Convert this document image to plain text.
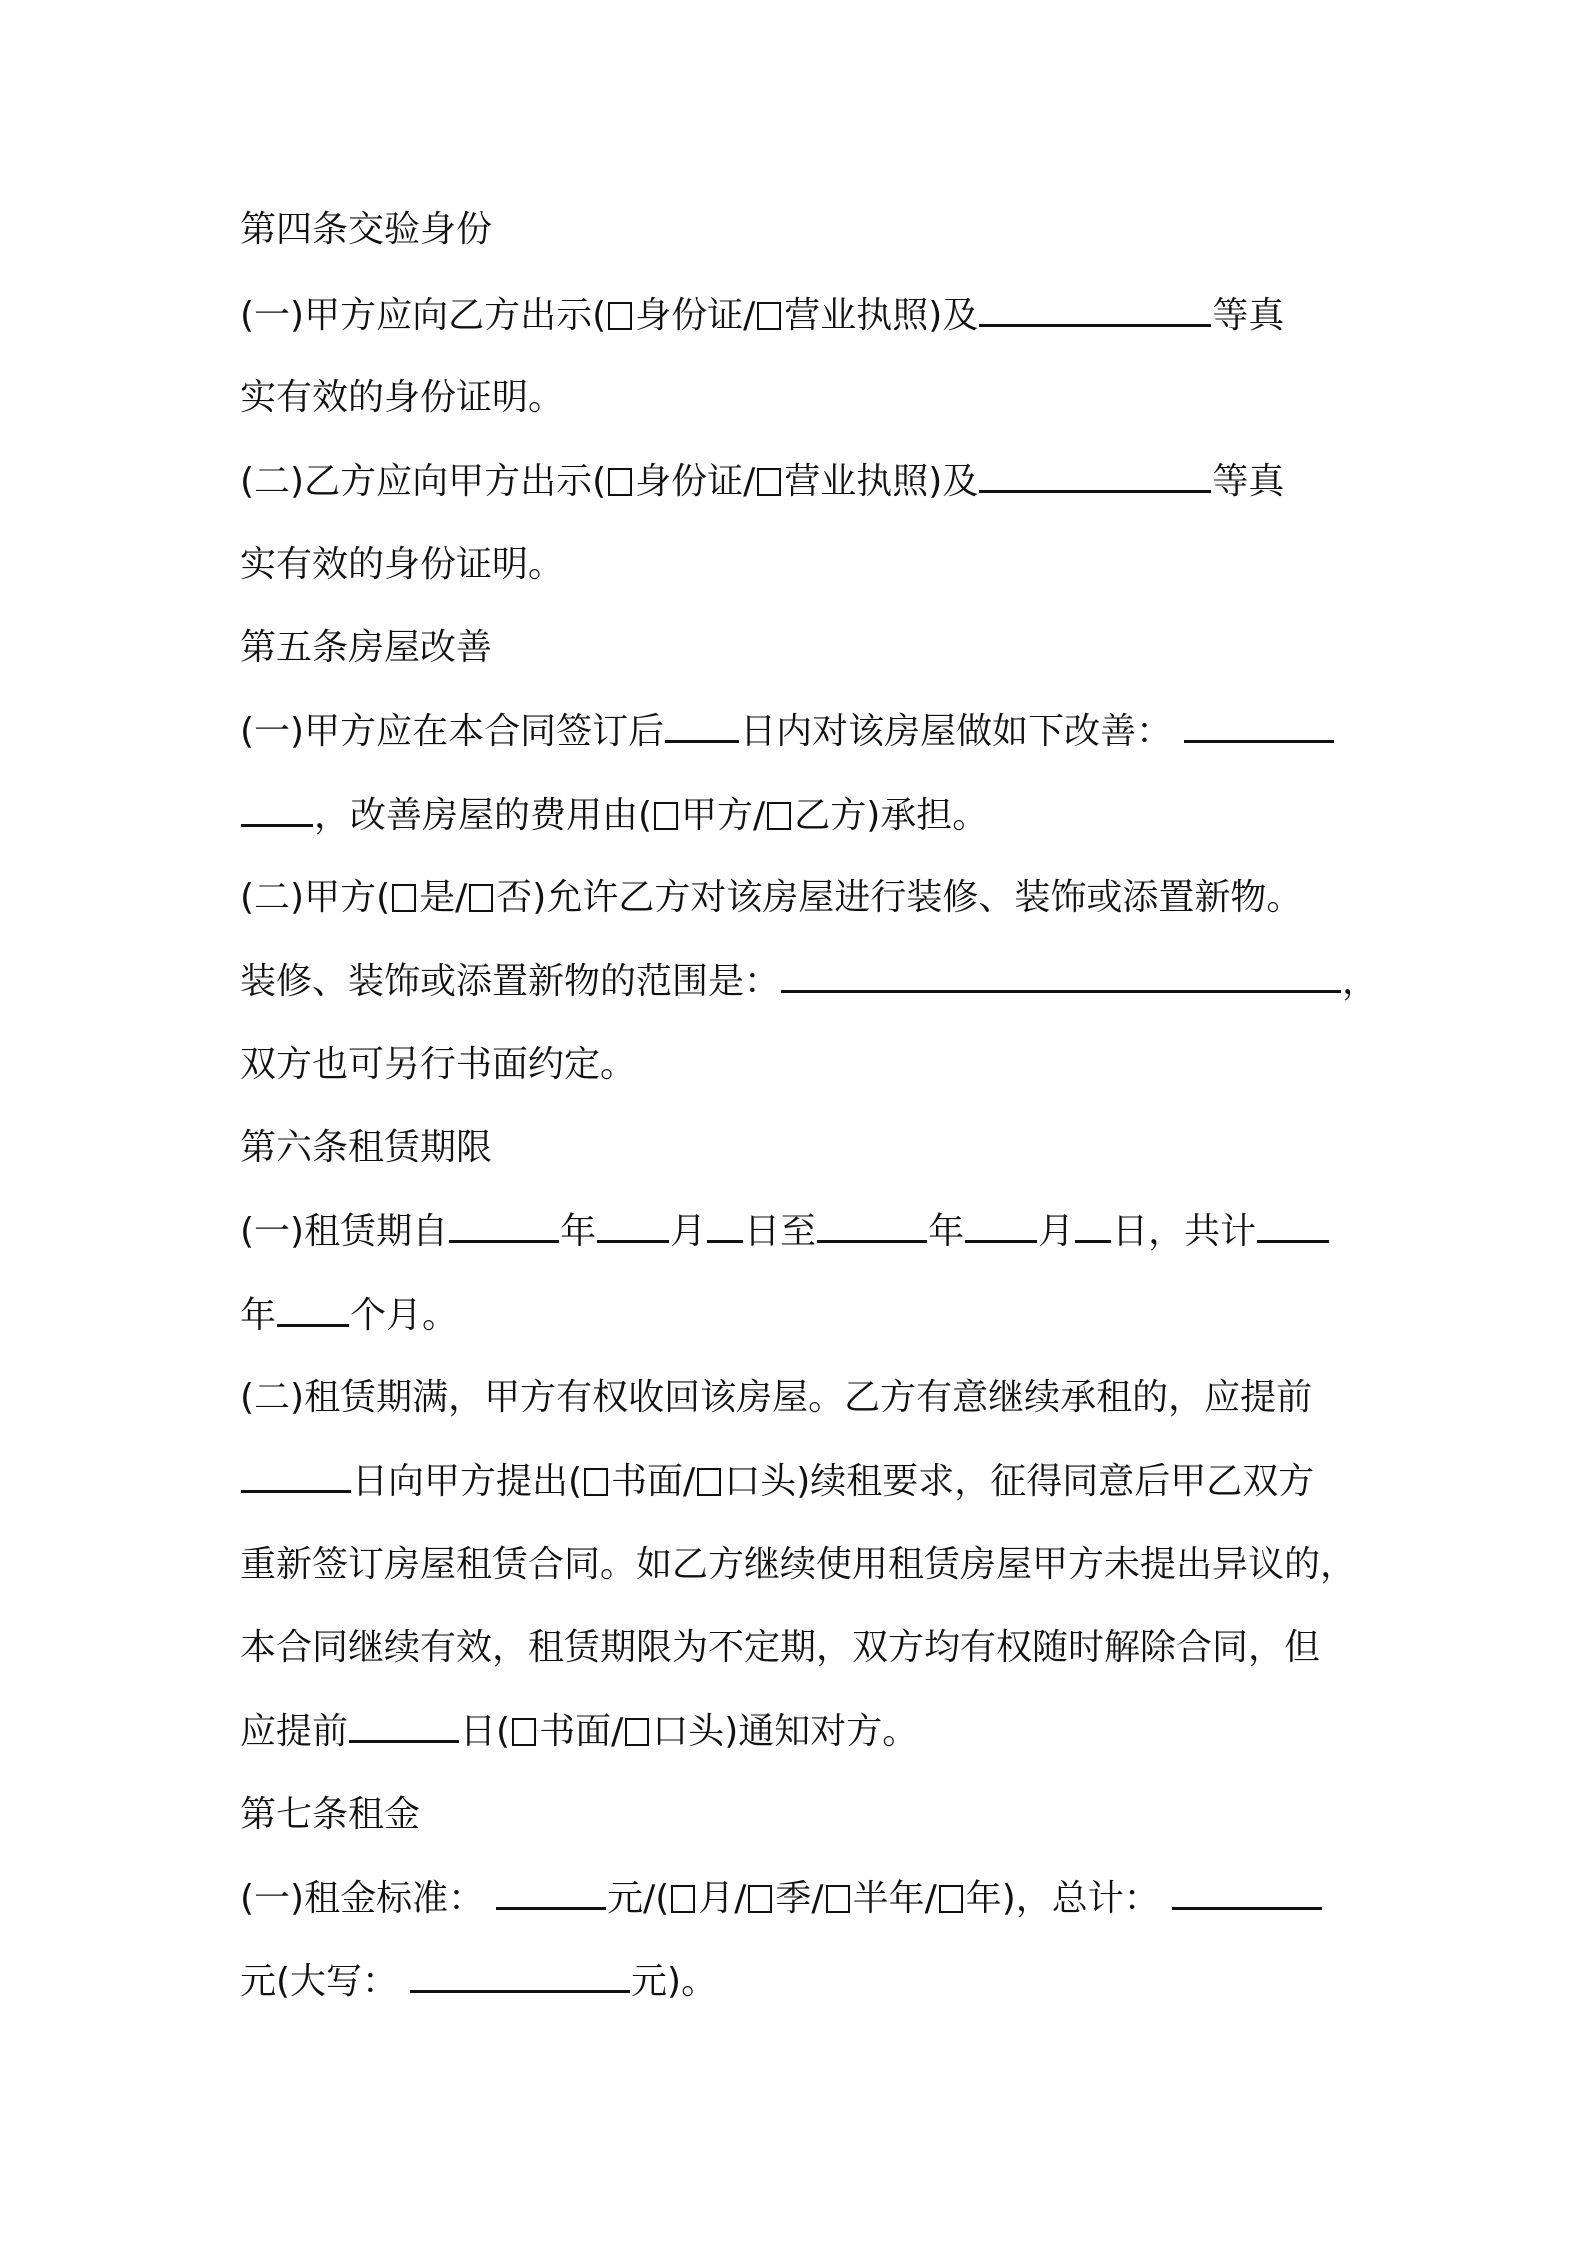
第四条交验身份
(一)甲方应向乙方出示( 身份证/ 营业执照)及	等真
实有效的身份证明。
(二)乙方应向甲方出示( 身份证/ 营业执照)及	等真
实有效的身份证明。
第五条房屋改善
(一)甲方应在本合同签订后 日内对该房屋做如下改善：
，改善房屋的费用由( 甲方/ 乙方)承担。
(二)甲方( 是/ 否)允许乙方对该房屋进行装修、装饰或添置新物。
装修、装饰或添置新物的范围是：	，
双方也可另行书面约定。
第六条租赁期限
(一)租赁期自	年 月 日至	年 月 日，共计
年 个月。
(二)租赁期满，甲方有权收回该房屋。乙方有意继续承租的，应提前
日向甲方提出( 书面/ 口头)续租要求，征得同意后甲乙双方
重新签订房屋租赁合同。如乙方继续使用租赁房屋甲方未提出异议的，
本合同继续有效，租赁期限为不定期，双方均有权随时解除合同，但
应提前	日( 书面/ 口头)通知对方。
第七条租金
(一)租金标准：	元/( 月/ 季/ 半年/ 年)，总计：
元(大写：	元)。
